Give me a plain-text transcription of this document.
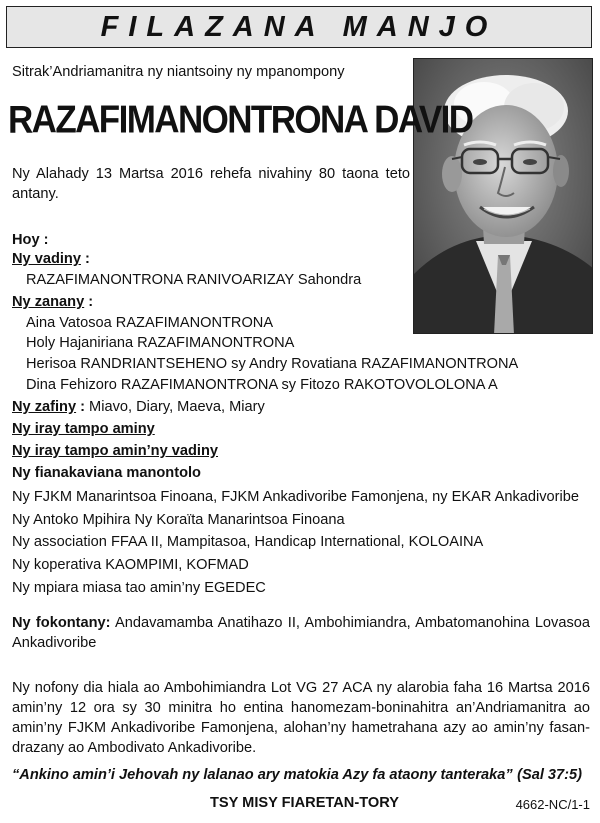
FILAZANA MANJO
Sitrak’Andriamanitra ny niantsoiny ny mpanompony
RAZAFIMANONTRONA DAVID
Ny Alahady 13 Martsa 2016 rehefa nivahiny 80 taona teto antany.
Hoy :
Ny vadiny :
RAZAFIMANONTRONA RANIVOARIZAY Sahondra
Ny zanany :
Aina Vatosoa RAZAFIMANONTRONA
Holy Hajaniriana RAZAFIMANONTRONA
Herisoa RANDRIANTSEHENO sy Andry Rovatiana RAZAFIMANONTRONA
Dina Fehizoro RAZAFIMANONTRONA sy Fitozo RAKOTOVOLOLONA A
Ny zafiny : Miavo, Diary, Maeva, Miary
Ny iray tampo aminy
Ny iray tampo amin’ny vadiny
Ny fianakaviana manontolo
Ny FJKM Manarintsoa Finoana, FJKM Ankadivoribe Famonjena, ny EKAR Ankadivoribe
Ny Antoko Mpihira Ny Koraïta Manarintsoa Finoana
Ny association FFAA II, Mampitasoa, Handicap International, KOLOAINA
Ny koperativa KAOMPIMI, KOFMAD
Ny mpiara miasa tao amin’ny EGEDEC
Ny fokontany: Andavamamba Anatihazo II, Ambohimiandra, Ambatomanohina Lovasoa Ankadivoribe
Ny nofony dia hiala ao Ambohimiandra Lot VG 27 ACA ny alarobia faha 16 Martsa 2016 amin’ny 12 ora sy 30 minitra ho entina hanomezam-boninahitra an’Andriamanitra ao amin’ny FJKM Ankadivoribe Famonjena, alohan’ny hametrahana azy ao amin’ny fasan-drazany ao Ambodivato Ankadivoribe.
“Ankino amin’i Jehovah ny lalanao ary matokia Azy fa ataony tanteraka” (Sal 37:5)
TSY MISY FIARETAN-TORY	4662-NC/1-1
